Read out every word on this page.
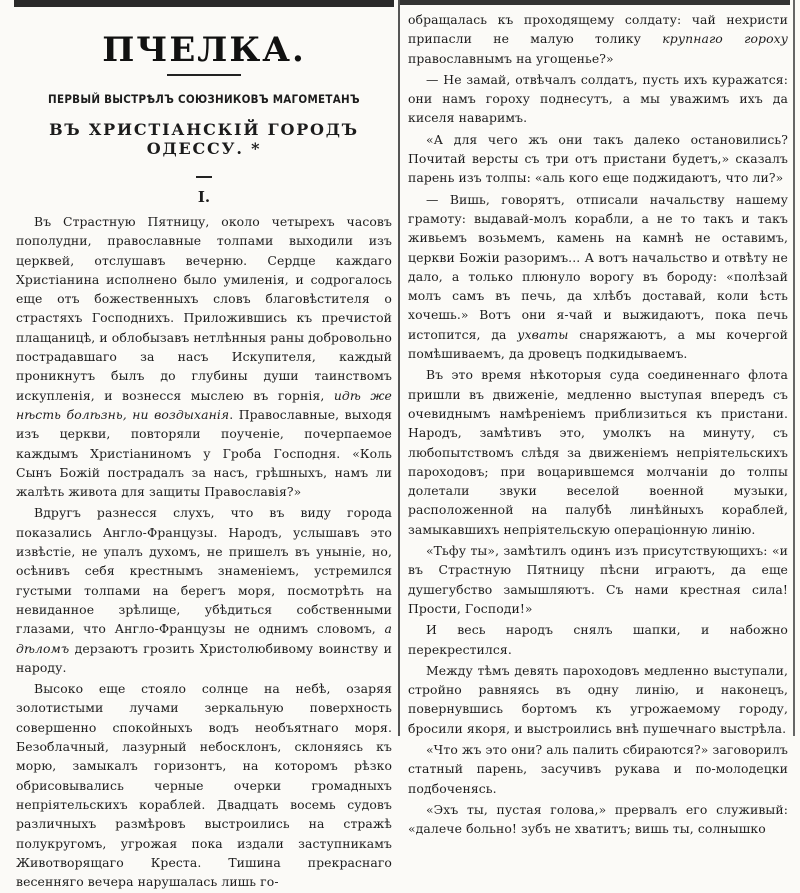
ПЧЕЛКА.
ПЕРВЫЙ ВЫСТРѢЛЪ СОЮЗНИКОВЪ МАГОМЕТАНЪ
ВЪ ХРИСТІАНСКІЙ ГОРОДЪ ОДЕССУ. *
I.

Въ Страстную Пятницу, около четырехъ часовъ пополудни, православные толпами выходили изъ церквей, отслушавъ вечерню. Сердце каждаго Христіанина исполнено было умиленія, и содрогалось еще отъ божественныхъ словъ благовѣстителя о страстяхъ Господнихъ. Приложившись къ пречистой плащаницѣ, и облобызавъ нетлѣнныя раны добровольно пострадавшаго за насъ Искупителя, каждый проникнутъ былъ до глубины души таинствомъ искупленія, и вознесся мыслею въ горнія, идѣ же нѣсть болѣзнь, ни воздыханія. Православные, выходя изъ церкви, повторяли поученіе, почерпаемое каждымъ Христіаниномъ у Гроба Господня. «Коль Сынъ Божій пострадалъ за насъ, грѣшныхъ, намъ ли жалѣть живота для защиты Православія?»

Вдругъ разнесся слухъ, что въ виду города показались Англо-Французы. Народъ, услышавъ это извѣстіе, не упалъ духомъ, не пришелъ въ уныніе, но, осѣнивъ себя крестнымъ знаменіемъ, устремился густыми толпами на берегъ моря, посмотрѣть на невиданное зрѣлище, убѣдиться собственными глазами, что Англо-Французы не однимъ словомъ, а дѣломъ дерзаютъ грозить Христолюбивому воинству и народу.

Высоко еще стояло солнце на небѣ, озаряя золотистыми лучами зеркальную поверхность совершенно спокойныхъ водъ необъятнаго моря. Безоблачный, лазурный небосклонъ, склоняясь къ морю, замыкалъ горизонтъ, на которомъ рѣзко обрисовывались черные очерки громадныхъ непріятельскихъ кораблей. Двадцать восемь судовъ различныхъ размѣровъ выстроились на стражѣ полукругомъ, угрожая пока издали заступникамъ Животворящаго Креста. Тишина прекраснаго весенняго вечера нарушалась лишь го-

обращалась къ проходящему солдату: чай нехристи припасли не малую толику крупнаго гороху православнымъ на угощенье?»

— Не замай, отвѣчалъ солдатъ, пусть ихъ куражатся: они намъ гороху поднесутъ, а мы уважимъ ихъ да киселя наваримъ.

«А для чего жъ они такъ далеко остановились? Почитай версты съ три отъ пристани будетъ,» сказалъ парень изъ толпы: «аль кого еще поджидаютъ, что ли?»

— Вишь, говорятъ, отписали начальству нашему грамоту: выдавай-молъ корабли, а не то такъ и такъ живьемъ возьмемъ, камень на камнѣ не оставимъ, церкви Божіи разоримъ... А вотъ начальство и отвѣту не дало, а только плюнуло ворогу въ бороду: «полѣзай молъ самъ въ печь, да хлѣбъ доставай, коли ѣсть хочешь.» Вотъ они я-чай и выжидаютъ, пока печь истопится, да ухваты снаряжаютъ, а мы кочергой помѣшиваемъ, да дровецъ подкидываемъ.

Въ это время нѣкоторыя суда соединеннаго флота пришли въ движеніе, медленно выступая впередъ съ очевиднымъ намѣреніемъ приблизиться къ пристани. Народъ, замѣтивъ это, умолкъ на минуту, съ любопытствомъ слѣдя за движеніемъ непріятельскихъ пароходовъ; при воцарившемся молчаніи до толпы долетали звуки веселой военной музыки, расположенной на палубѣ линѣйныхъ кораблей, замыкавшихъ непріятельскую операціонную линію.

«Тьфу ты», замѣтилъ одинъ изъ присутствующихъ: «и въ Страстную Пятницу пѣсни играютъ, да еще душегубство замышляютъ. Съ нами крестная сила! Прости, Господи!»

И весь народъ снялъ шапки, и набожно перекрестился.

Между тѣмъ девять пароходовъ медленно выступали, стройно равняясь въ одну линію, и наконецъ, повернувшись бортомъ къ угрожаемому городу, бросили якоря, и выстроились внѣ пушечнаго выстрѣла.

«Что жъ это они? аль палить сбираются?» заговорилъ статный парень, засучивъ рукава и по-молодецки подбоченясь.

«Эхъ ты, пустая голова,» прервалъ его служивый: «далече больно! зубъ не хватитъ; вишь ты, солнышко
